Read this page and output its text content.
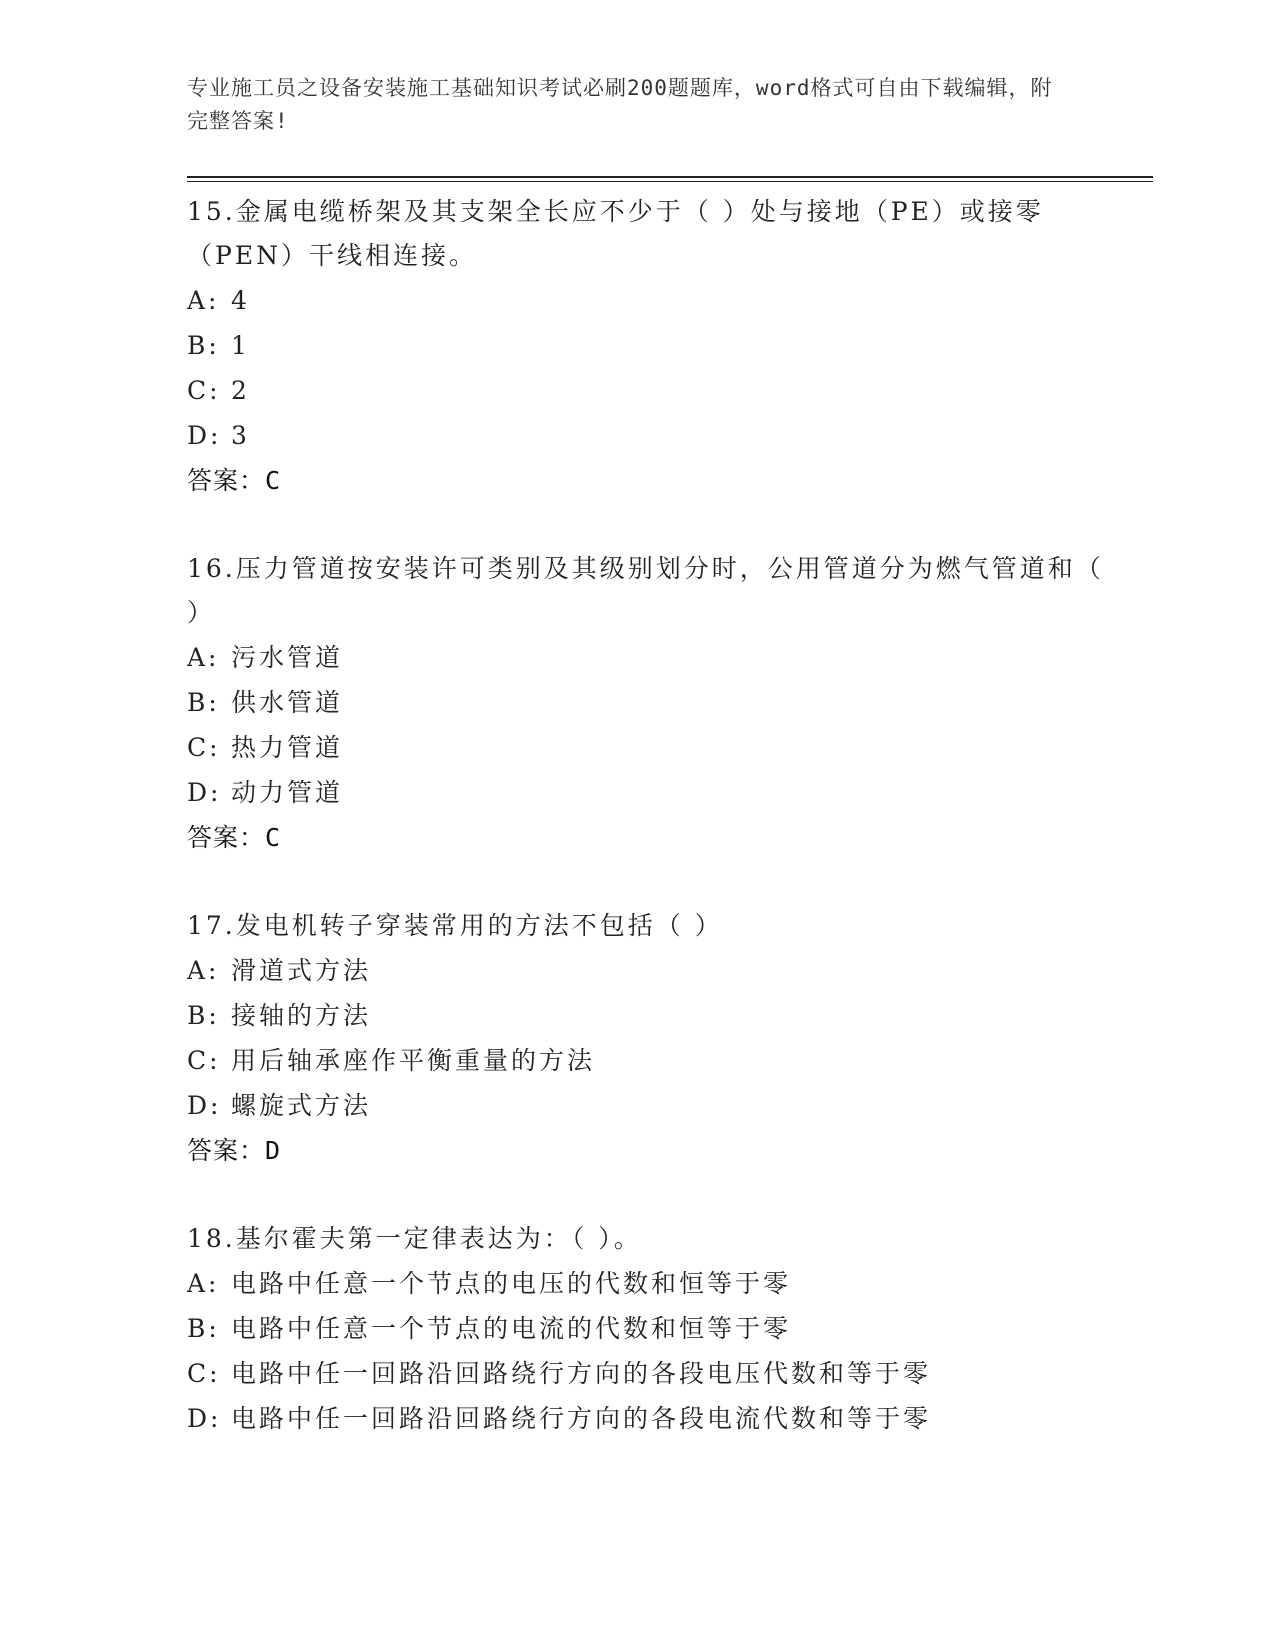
专业施工员之设备安装施工基础知识考试必刷200题题库，word格式可自由下载编辑，附完整答案!

15.金属电缆桥架及其支架全长应不少于（ ）处与接地（PE）或接零（PEN）干线相连接。

A: 4

B: 1

C: 2

D: 3

答案：C

16.压力管道按安装许可类别及其级别划分时，公用管道分为燃气管道和（ ）

A: 污水管道

B: 供水管道

C: 热力管道

D: 动力管道

答案：C

17.发电机转子穿装常用的方法不包括（ ）

A: 滑道式方法

B: 接轴的方法

C: 用后轴承座作平衡重量的方法

D: 螺旋式方法

答案：D

18.基尔霍夫第一定律表达为：（ ）。

A: 电路中任意一个节点的电压的代数和恒等于零

B: 电路中任意一个节点的电流的代数和恒等于零

C: 电路中任一回路沿回路绕行方向的各段电压代数和等于零

D: 电路中任一回路沿回路绕行方向的各段电流代数和等于零
